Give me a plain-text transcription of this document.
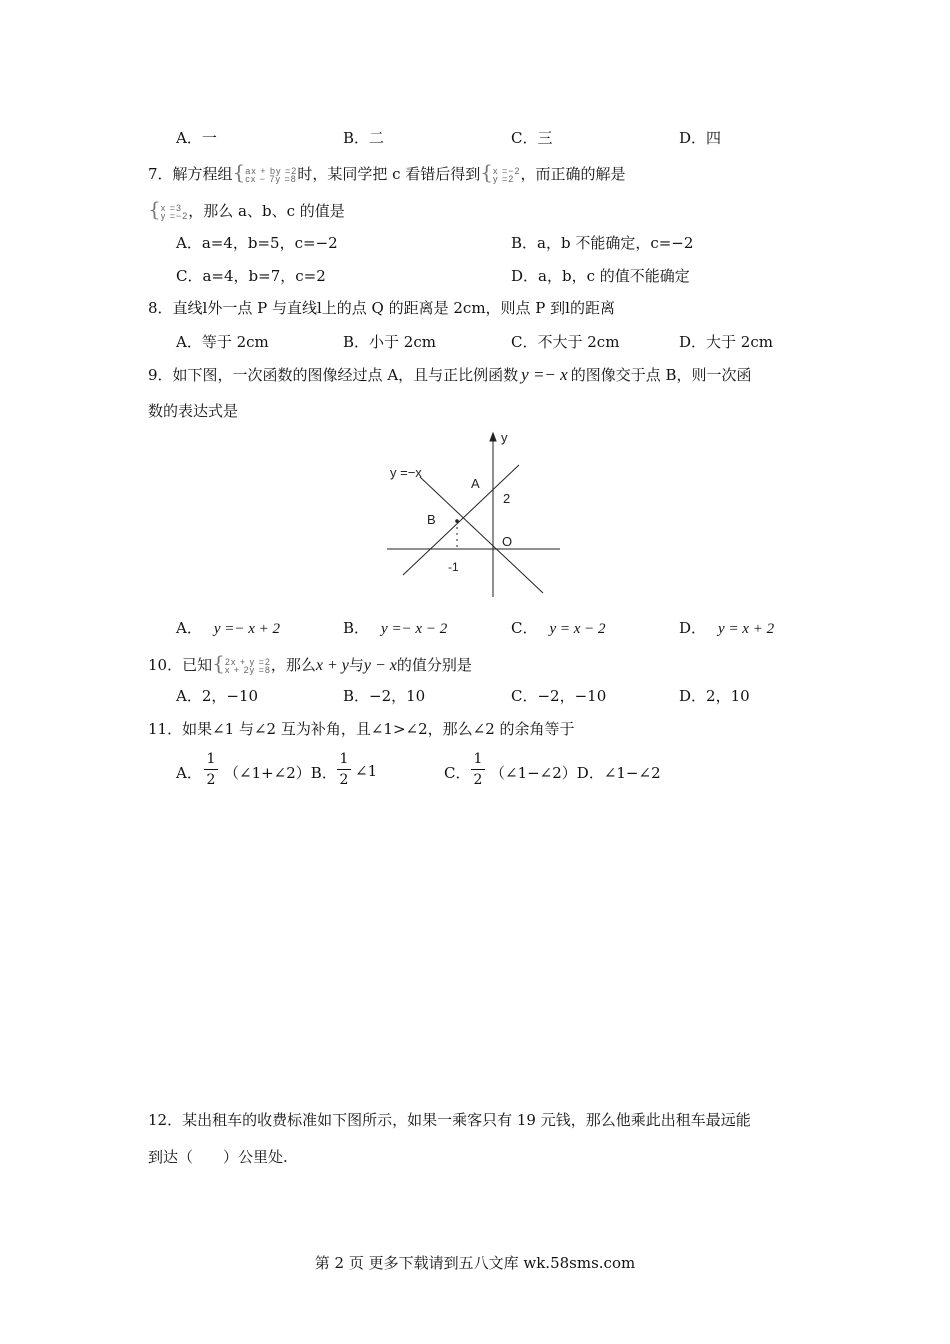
A．一	B．二	C．三	D．四
7．解方程组{ax + by =2
cx − 7y =8时，某同学把 c 看错后得到{x =−2
y =2 ，而正确的解是
{x =3
y =−2，那么 a、b、c 的值是
A．a=4，b=5，c=−2	B．a，b 不能确定，c=−2
C．a=4，b=7，c=2	D．a，b，c 的值不能确定
8．直线l外一点 P 与直线l上的点 Q 的距离是 2cm，则点 P 到l的距离
A．等于 2cm	B．小于 2cm	C．不大于 2cm	D．大于 2cm
9．如下图，一次函数的图像经过点 A，且与正比例函数 y =− x 的图像交于点 B，则一次函
数的表达式是
y
y =−x
A
B
2
O
-1
A． y =− x + 2	B． y =− x − 2	C． y = x − 2	D． y = x + 2
10．已知{2x + y =2
x + 2y =8，那么x + y与y − x的值分别是
A．2，−10	B．−2，10	C．−2，−10	D．2，10
11．如果∠1 与∠2 互为补角，且∠1>∠2，那么∠2 的余角等于
A．
1
2 （∠1+∠2）B．
1
2 ∠1	C．
1
2 （∠1−∠2）D．∠1−∠2
12．某出租车的收费标准如下图所示，如果一乘客只有 19 元钱，那么他乘此出租车最远能
到达（　　）公里处.
第 2 页 更多下载请到五八文库 wk.58sms.com
